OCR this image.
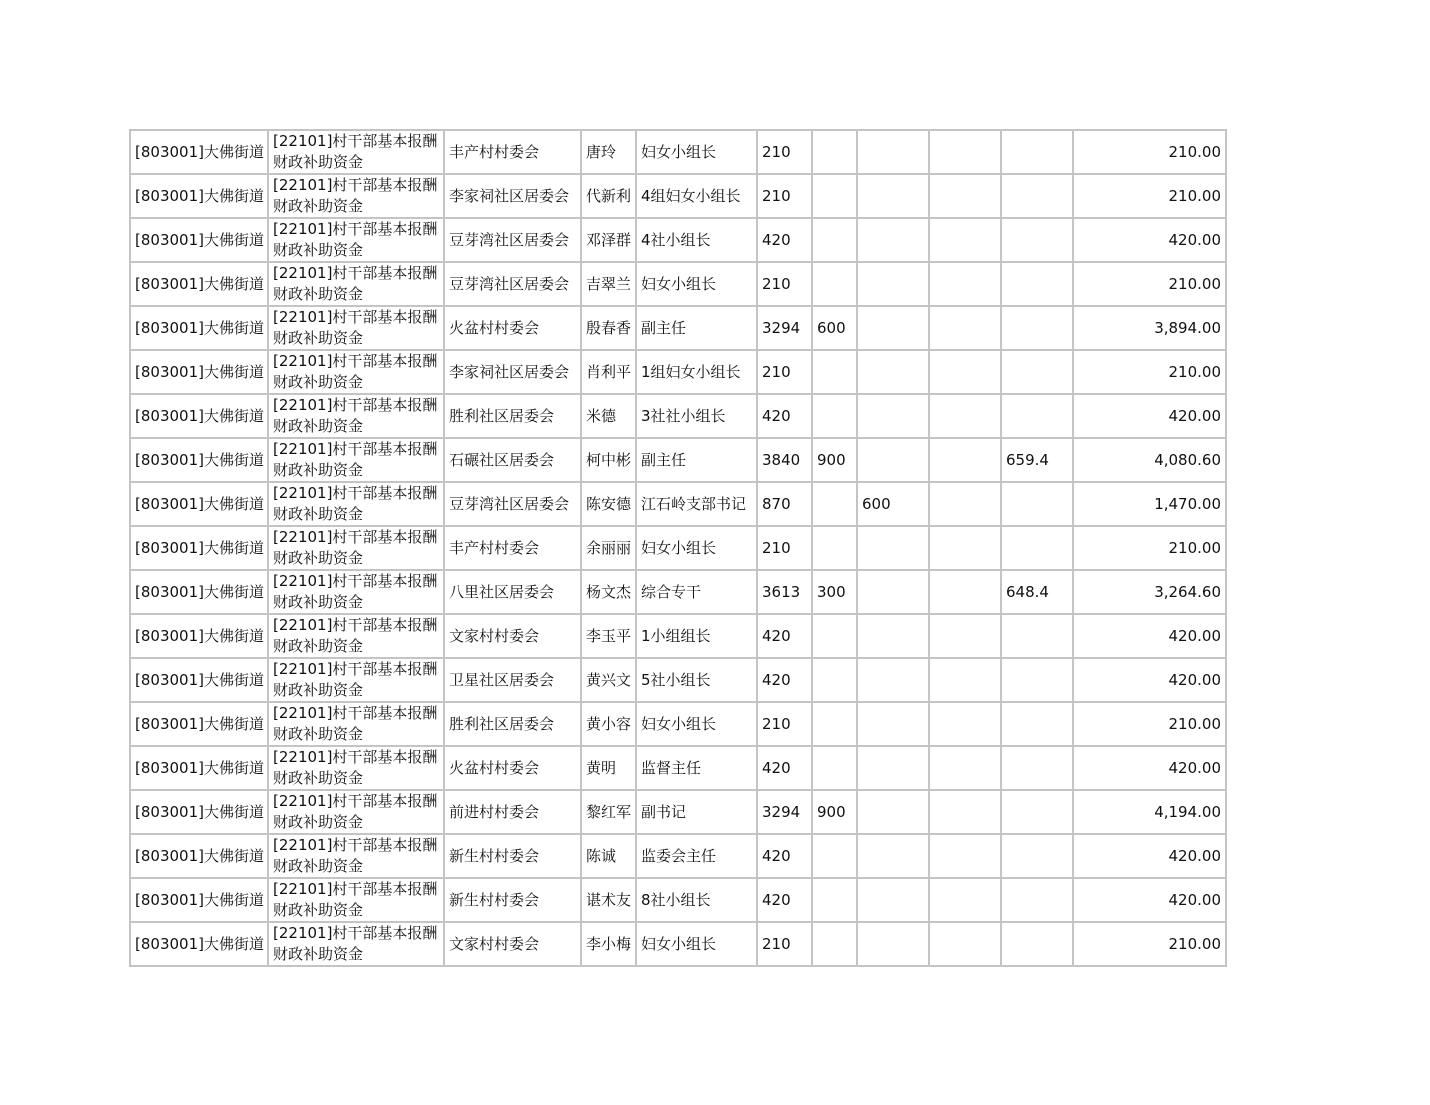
[803001]大佛街道	[22101]村干部基本报酬财政补助资金	丰产村村委会	唐玲	妇女小组长	210					210.00
[803001]大佛街道	[22101]村干部基本报酬财政补助资金	李家祠社区居委会	代新利	4组妇女小组长	210					210.00
[803001]大佛街道	[22101]村干部基本报酬财政补助资金	豆芽湾社区居委会	邓泽群	4社小组长	420					420.00
[803001]大佛街道	[22101]村干部基本报酬财政补助资金	豆芽湾社区居委会	吉翠兰	妇女小组长	210					210.00
[803001]大佛街道	[22101]村干部基本报酬财政补助资金	火盆村村委会	殷春香	副主任	3294	600				3,894.00
[803001]大佛街道	[22101]村干部基本报酬财政补助资金	李家祠社区居委会	肖利平	1组妇女小组长	210					210.00
[803001]大佛街道	[22101]村干部基本报酬财政补助资金	胜利社区居委会	米德	3社社小组长	420					420.00
[803001]大佛街道	[22101]村干部基本报酬财政补助资金	石碾社区居委会	柯中彬	副主任	3840	900			659.4	4,080.60
[803001]大佛街道	[22101]村干部基本报酬财政补助资金	豆芽湾社区居委会	陈安德	江石岭支部书记	870		600			1,470.00
[803001]大佛街道	[22101]村干部基本报酬财政补助资金	丰产村村委会	余丽丽	妇女小组长	210					210.00
[803001]大佛街道	[22101]村干部基本报酬财政补助资金	八里社区居委会	杨文杰	综合专干	3613	300			648.4	3,264.60
[803001]大佛街道	[22101]村干部基本报酬财政补助资金	文家村村委会	李玉平	1小组组长	420					420.00
[803001]大佛街道	[22101]村干部基本报酬财政补助资金	卫星社区居委会	黄兴文	5社小组长	420					420.00
[803001]大佛街道	[22101]村干部基本报酬财政补助资金	胜利社区居委会	黄小容	妇女小组长	210					210.00
[803001]大佛街道	[22101]村干部基本报酬财政补助资金	火盆村村委会	黄明	监督主任	420					420.00
[803001]大佛街道	[22101]村干部基本报酬财政补助资金	前进村村委会	黎红军	副书记	3294	900				4,194.00
[803001]大佛街道	[22101]村干部基本报酬财政补助资金	新生村村委会	陈诚	监委会主任	420					420.00
[803001]大佛街道	[22101]村干部基本报酬财政补助资金	新生村村委会	谌术友	8社小组长	420					420.00
[803001]大佛街道	[22101]村干部基本报酬财政补助资金	文家村村委会	李小梅	妇女小组长	210					210.00
